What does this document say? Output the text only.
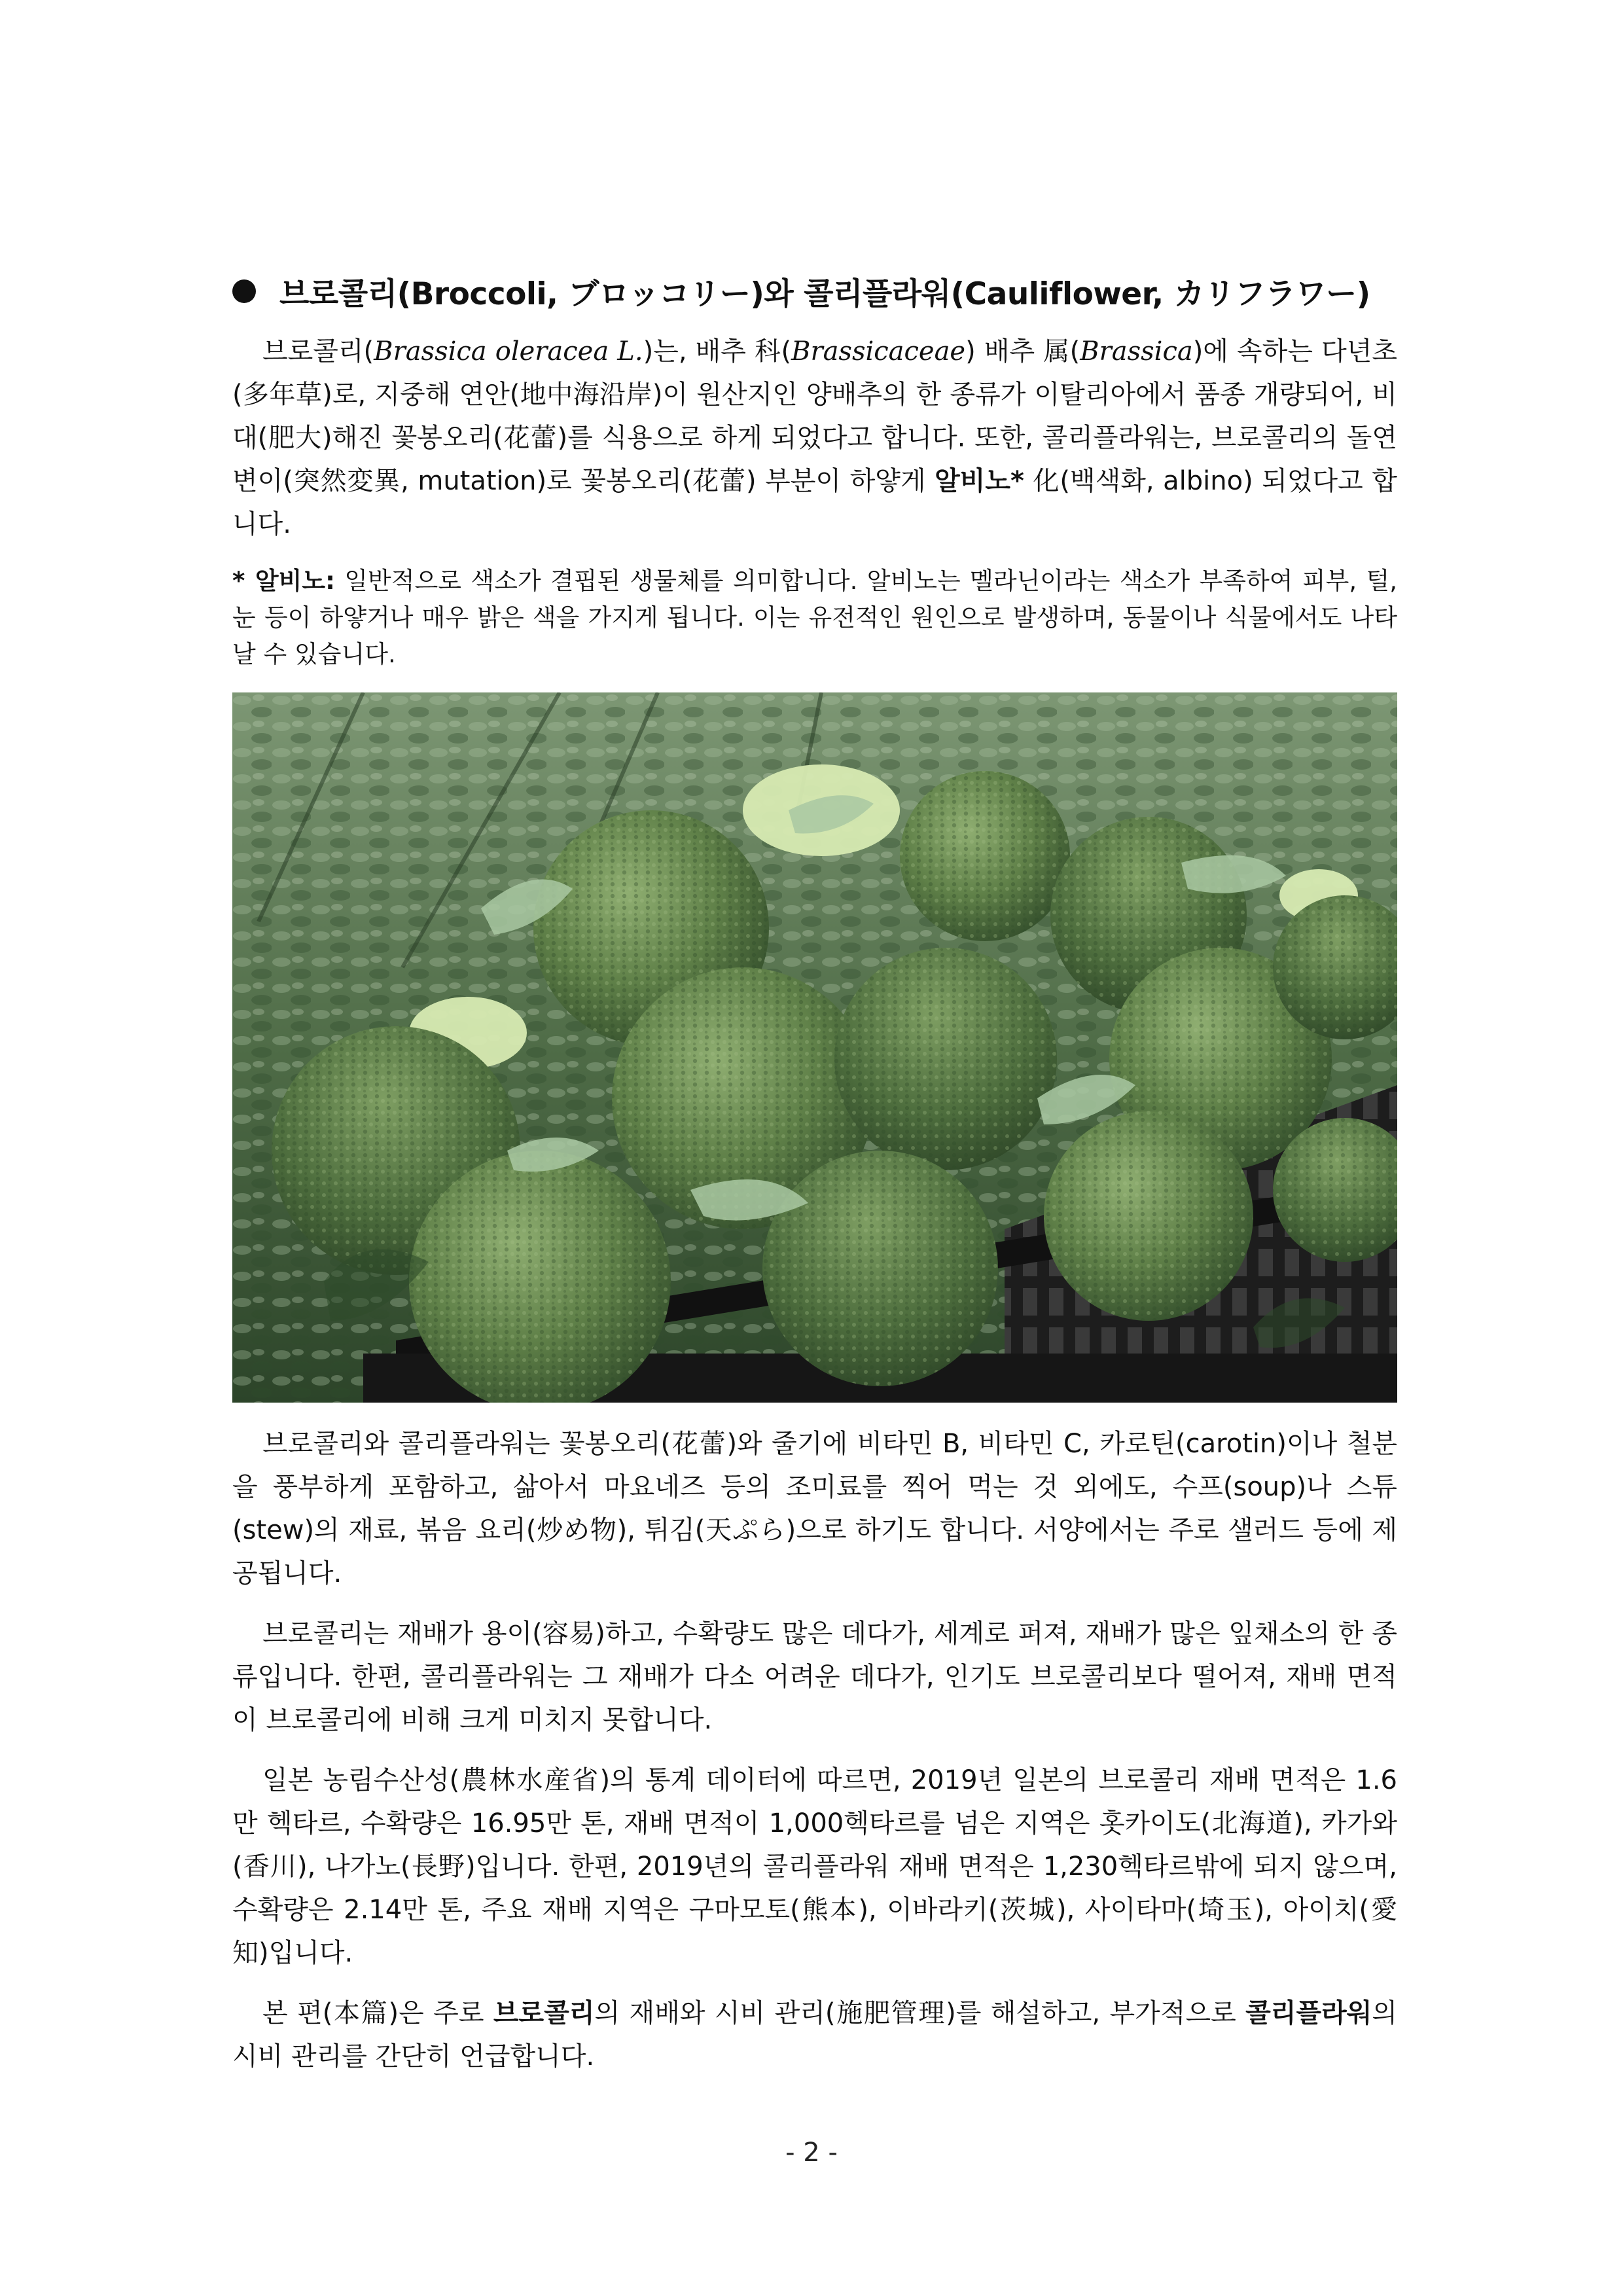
브로콜리(Broccoli, ブロッコリー)와 콜리플라워(Cauliflower, カリフラワー)

브로콜리(Brassica oleracea L.)는, 배추 科(Brassicaceae) 배추 属(Brassica)에 속하는 다년초(多年草)로, 지중해 연안(地中海沿岸)이 원산지인 양배추의 한 종류가 이탈리아에서 품종 개량되어, 비대(肥大)해진 꽃봉오리(花蕾)를 식용으로 하게 되었다고 합니다. 또한, 콜리플라워는, 브로콜리의 돌연변이(突然変異, mutation)로 꽃봉오리(花蕾) 부분이 하얗게 알비노* 化(백색화, albino) 되었다고 합니다.

* 알비노: 일반적으로 색소가 결핍된 생물체를 의미합니다. 알비노는 멜라닌이라는 색소가 부족하여 피부, 털, 눈 등이 하얗거나 매우 밝은 색을 가지게 됩니다. 이는 유전적인 원인으로 발생하며, 동물이나 식물에서도 나타날 수 있습니다.

브로콜리와 콜리플라워는 꽃봉오리(花蕾)와 줄기에 비타민 B, 비타민 C, 카로틴(carotin)이나 철분을 풍부하게 포함하고, 삶아서 마요네즈 등의 조미료를 찍어 먹는 것 외에도, 수프(soup)나 스튜(stew)의 재료, 볶음 요리(炒め物), 튀김(天ぷら)으로 하기도 합니다. 서양에서는 주로 샐러드 등에 제공됩니다.

브로콜리는 재배가 용이(容易)하고, 수확량도 많은 데다가, 세계로 퍼져, 재배가 많은 잎채소의 한 종류입니다. 한편, 콜리플라워는 그 재배가 다소 어려운 데다가, 인기도 브로콜리보다 떨어져, 재배 면적이 브로콜리에 비해 크게 미치지 못합니다.

일본 농림수산성(農林水産省)의 통계 데이터에 따르면, 2019년 일본의 브로콜리 재배 면적은 1.6만 헥타르, 수확량은 16.95만 톤, 재배 면적이 1,000헥타르를 넘은 지역은 홋카이도(北海道), 카가와(香川), 나가노(長野)입니다. 한편, 2019년의 콜리플라워 재배 면적은 1,230헥타르밖에 되지 않으며, 수확량은 2.14만 톤, 주요 재배 지역은 구마모토(熊本), 이바라키(茨城), 사이타마(埼玉), 아이치(愛知)입니다.

본 편(本篇)은 주로 브로콜리의 재배와 시비 관리(施肥管理)를 해설하고, 부가적으로 콜리플라워의 시비 관리를 간단히 언급합니다.

- 2 -
